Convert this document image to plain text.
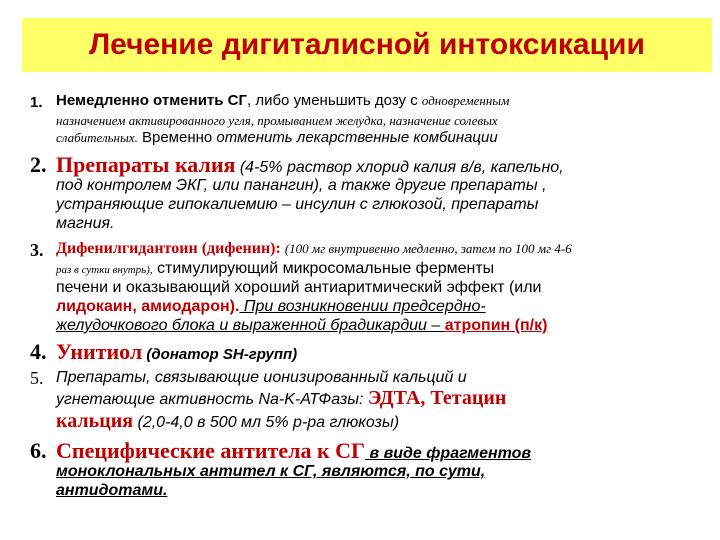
Лечение дигиталисной интоксикации
1. Немедленно отменить СГ, либо уменьшить дозу с одновременным
назначением активированного угля, промыванием желудка, назначение солевых
слабительных. Временно отменить лекарственные комбинации
2. Препараты калия (4-5% раствор хлорид калия в/в, капельно,
под контролем ЭКГ, или панангин), а также другие препараты ,
устраняющие гипокалиемию – инсулин с глюкозой, препараты
магния.
3. Дифенилгидантоин (дифенин): (100 мг внутривенно медленно, затем по 100 мг 4-6
раз в сутки внутрь), стимулирующий микросомальные ферменты
печени и оказывающий хороший антиаритмический эффект (или
лидокаин, амиодарон). При возникновении предсердно-
желудочкового блока и выраженной брадикардии – атропин (п/к)
4. Унитиол (донатор SH-групп)
5. Препараты, связывающие ионизированный кальций и
угнетающие активность Na-K-АТФазы: ЭДТА, Тетацин
кальция (2,0-4,0 в 500 мл 5% р-ра глюкозы)
6. Специфические антитела к СГ в виде фрагментов
моноклональных антител к СГ, являются, по сути,
антидотами.
